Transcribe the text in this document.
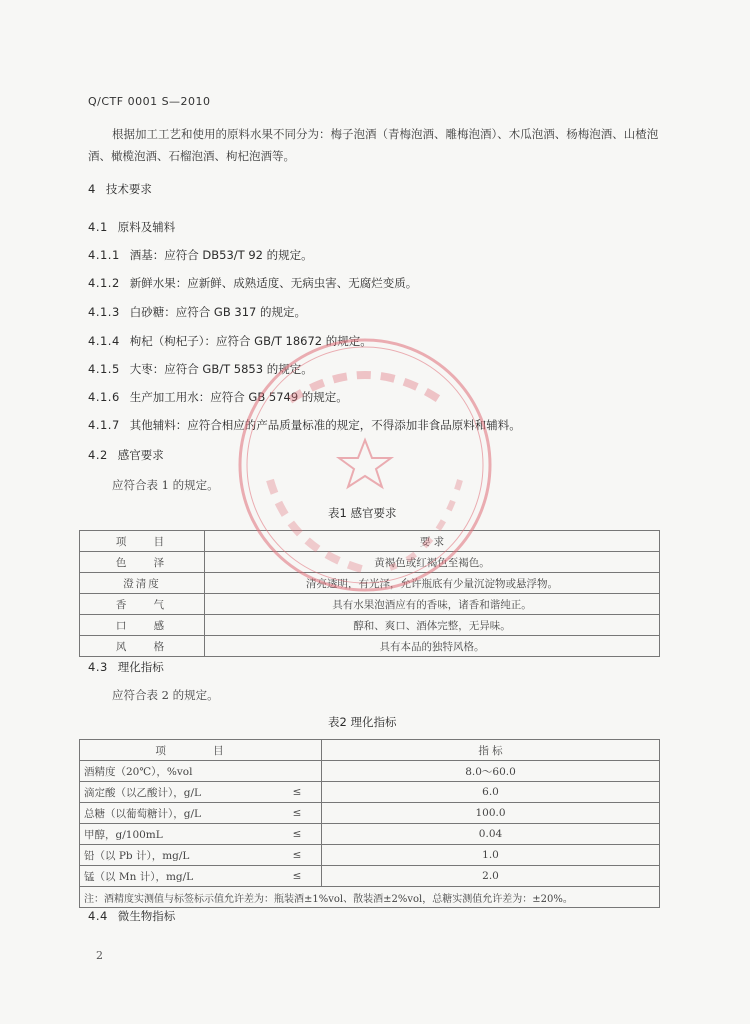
Q/CTF 0001 S—2010
根据加工工艺和使用的原料水果不同分为：梅子泡酒（青梅泡酒、雕梅泡酒）、木瓜泡酒、杨梅泡酒、山楂泡酒、橄榄泡酒、石榴泡酒、枸杞泡酒等。
4 技术要求
4.1 原料及辅料
4.1.1 酒基：应符合 DB53/T 92 的规定。
4.1.2 新鲜水果：应新鲜、成熟适度、无病虫害、无腐烂变质。
4.1.3 白砂糖：应符合 GB 317 的规定。
4.1.4 枸杞（枸杞子）：应符合 GB/T 18672 的规定。
4.1.5 大枣：应符合 GB/T 5853 的规定。
4.1.6 生产加工用水：应符合 GB 5749 的规定。
4.1.7 其他辅料：应符合相应的产品质量标准的规定，不得添加非食品原料和辅料。
4.2 感官要求
应符合表 1 的规定。
表1 感官要求
项 目	要 求
色 泽	黄褐色或红褐色至褐色。
澄清度	清亮透明，有光泽，允许瓶底有少量沉淀物或悬浮物。
香 气	具有水果泡酒应有的香味，诸香和谐纯正。
口 感	醇和、爽口、酒体完整，无异味。
风 格	具有本品的独特风格。
4.3 理化指标
应符合表 2 的规定。
表2 理化指标
项 目		指 标
酒精度（20℃），%vol		8.0～60.0
滴定酸（以乙酸计），g/L	≤	6.0
总糖（以葡萄糖计），g/L	≤	100.0
甲醇，g/100mL	≤	0.04
铅（以 Pb 计），mg/L	≤	1.0
锰（以 Mn 计），mg/L	≤	2.0
注：酒精度实测值与标签标示值允许差为：瓶装酒±1%vol、散装酒±2%vol，总糖实测值允许差为：±20%。		
4.4 微生物指标
2
